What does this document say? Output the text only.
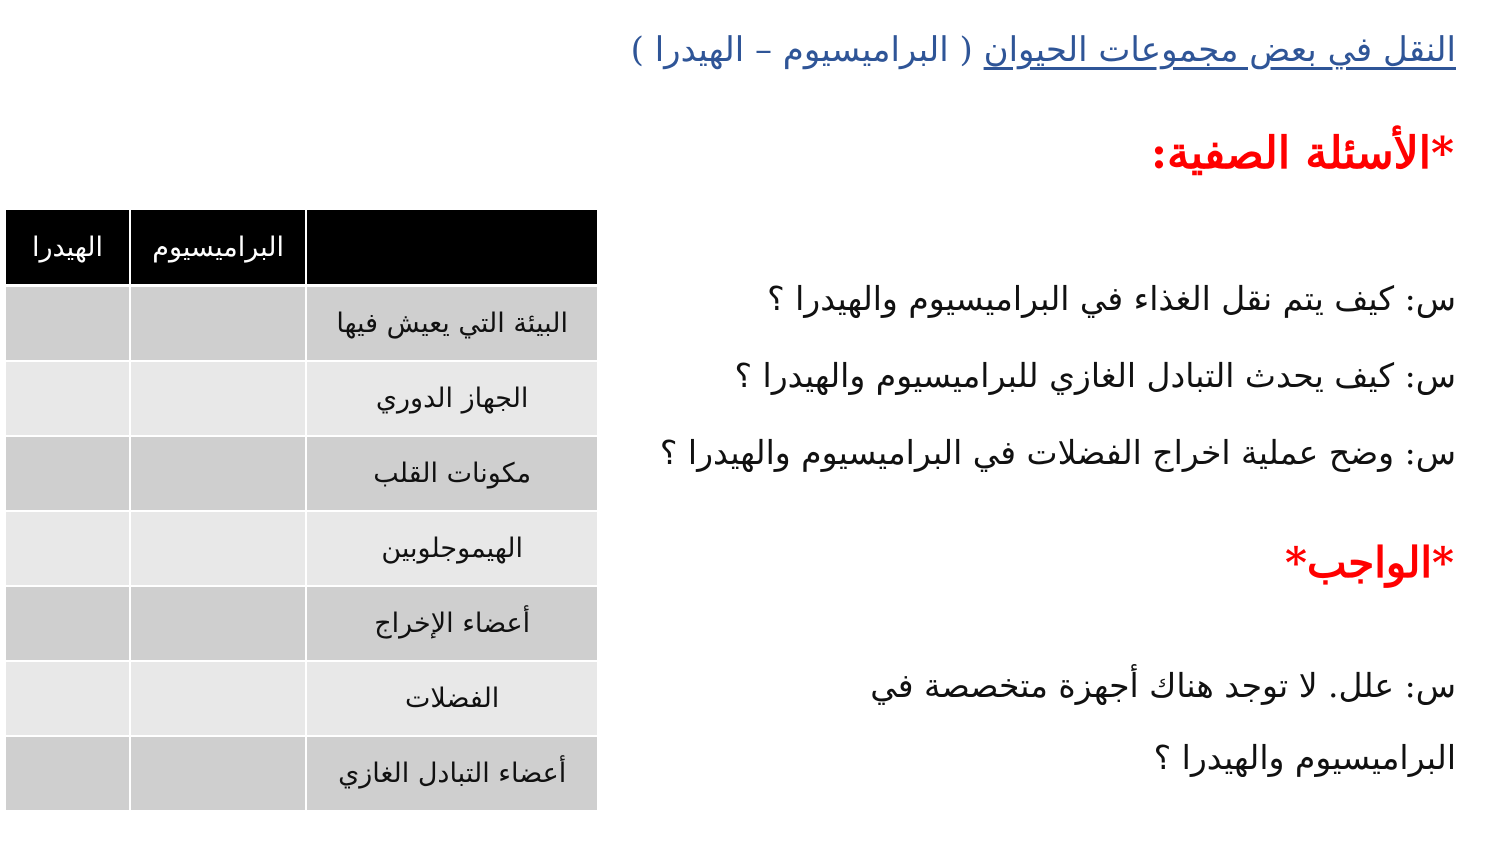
النقل في بعض مجموعات الحيوان ( البراميسيوم – الهيدرا )
*الأسئلة الصفية:
س: كيف يتم نقل الغذاء في البراميسيوم والهيدرا ؟
س: كيف يحدث التبادل الغازي للبراميسيوم والهيدرا ؟
س: وضح عملية اخراج الفضلات في البراميسيوم والهيدرا ؟
*الواجب*
س: علل. لا توجد هناك أجهزة متخصصة في
البراميسيوم والهيدرا ؟
	البراميسيوم	الهيدرا
البيئة التي يعيش فيها		
الجهاز الدوري		
مكونات القلب		
الهيموجلوبين		
أعضاء الإخراج		
الفضلات		
أعضاء التبادل الغازي		
